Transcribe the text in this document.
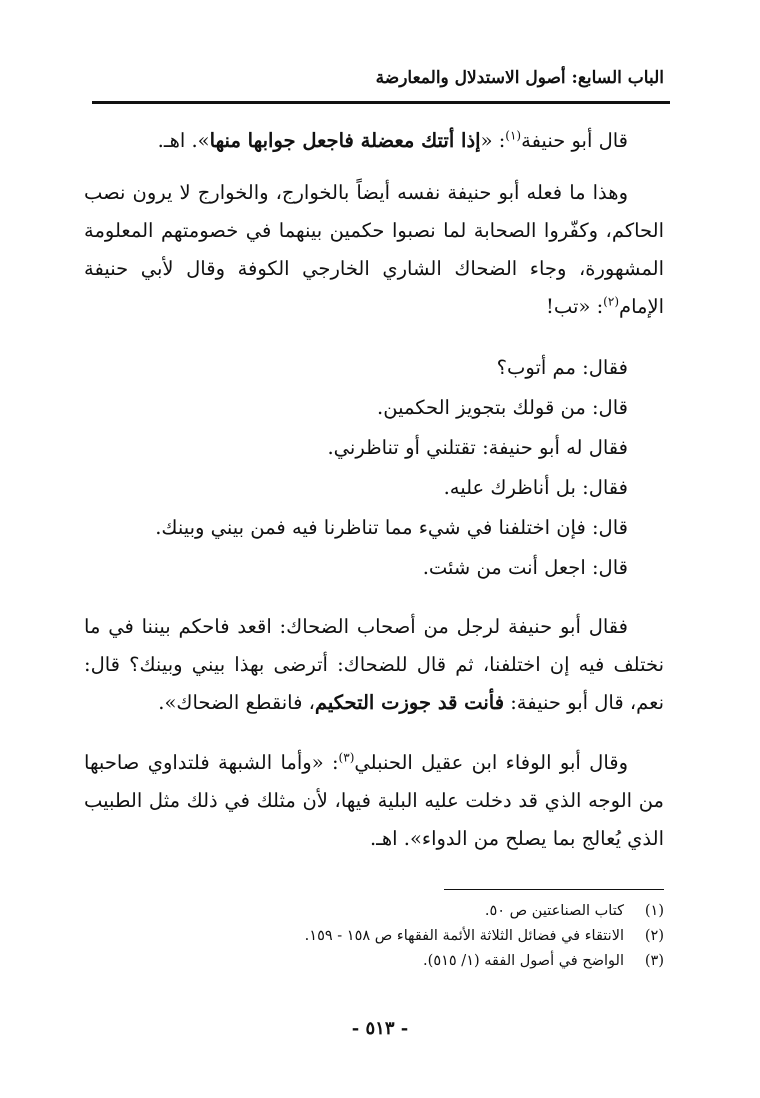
الباب السابع: أصول الاستدلال والمعارضة

قال أبو حنيفة$^{(١)}$: «إذا أتتك معضلة فاجعل جوابها منها». اهـ.

وهذا ما فعله أبو حنيفة نفسه أيضاً بالخوارج، والخوارج لا يرون نصب الحاكم، وكفّروا الصحابة لما نصبوا حكمين بينهما في خصومتهم المعلومة المشهورة، وجاء الضحاك الشاري الخارجي الكوفة وقال لأبي حنيفة الإمام$^{(٢)}$: «تب!

فقال: مم أتوب؟
قال: من قولك بتجويز الحكمين.
فقال له أبو حنيفة: تقتلني أو تناظرني.
فقال: بل أناظرك عليه.
قال: فإن اختلفنا في شيء مما تناظرنا فيه فمن بيني وبينك.
قال: اجعل أنت من شئت.

فقال أبو حنيفة لرجل من أصحاب الضحاك: اقعد فاحكم بيننا في ما نختلف فيه إن اختلفنا، ثم قال للضحاك: أترضى بهذا بيني وبينك؟ قال: نعم، قال أبو حنيفة: فأنت قد جوزت التحكيم، فانقطع الضحاك».

وقال أبو الوفاء ابن عقيل الحنبلي$^{(٣)}$: «وأما الشبهة فلتداوي صاحبها من الوجه الذي قد دخلت عليه البلية فيها، لأن مثلك في ذلك مثل الطبيب الذي يُعالج بما يصلح من الدواء». اهـ.

(١)كتاب الصناعتين ص ٥٠.
(٢)الانتقاء في فضائل الثلاثة الأئمة الفقهاء ص ١٥٨ - ١٥٩.
(٣)الواضح في أصول الفقه (١/ ٥١٥).
- ٥١٣ -
